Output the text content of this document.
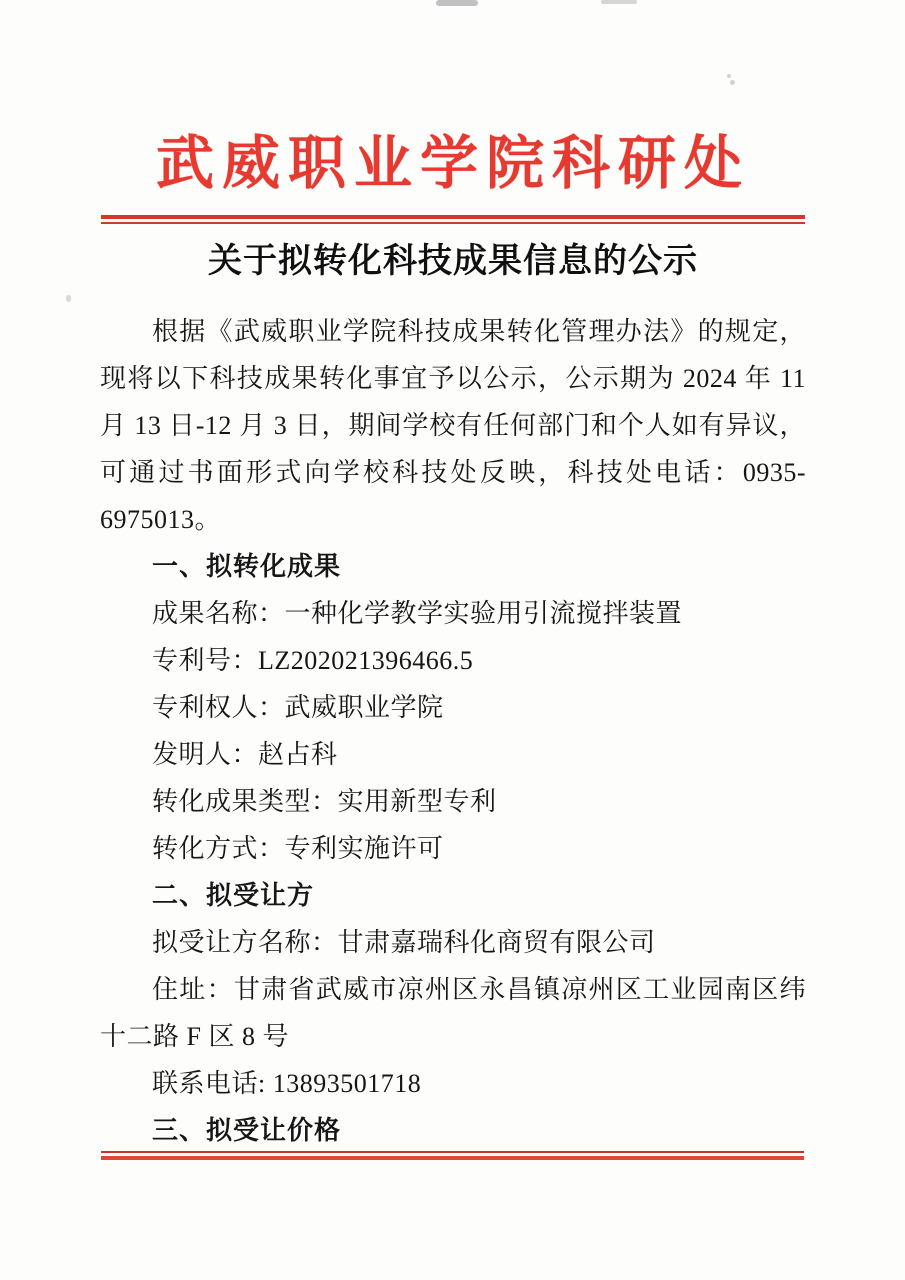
武威职业学院科研处
关于拟转化科技成果信息的公示

根据《武威职业学院科技成果转化管理办法》的规定，现将以下科技成果转化事宜予以公示，公示期为 2024 年 11 月 13 日-12 月 3 日，期间学校有任何部门和个人如有异议，可通过书面形式向学校科技处反映，科技处电话：0935-6975013。

一、拟转化成果

成果名称：一种化学教学实验用引流搅拌装置

专利号：LZ202021396466.5

专利权人：武威职业学院

发明人：赵占科

转化成果类型：实用新型专利

转化方式：专利实施许可

二、拟受让方

拟受让方名称：甘肃嘉瑞科化商贸有限公司

住址：甘肃省武威市凉州区永昌镇凉州区工业园南区纬十二路 F 区 8 号

联系电话: 13893501718

三、拟受让价格
